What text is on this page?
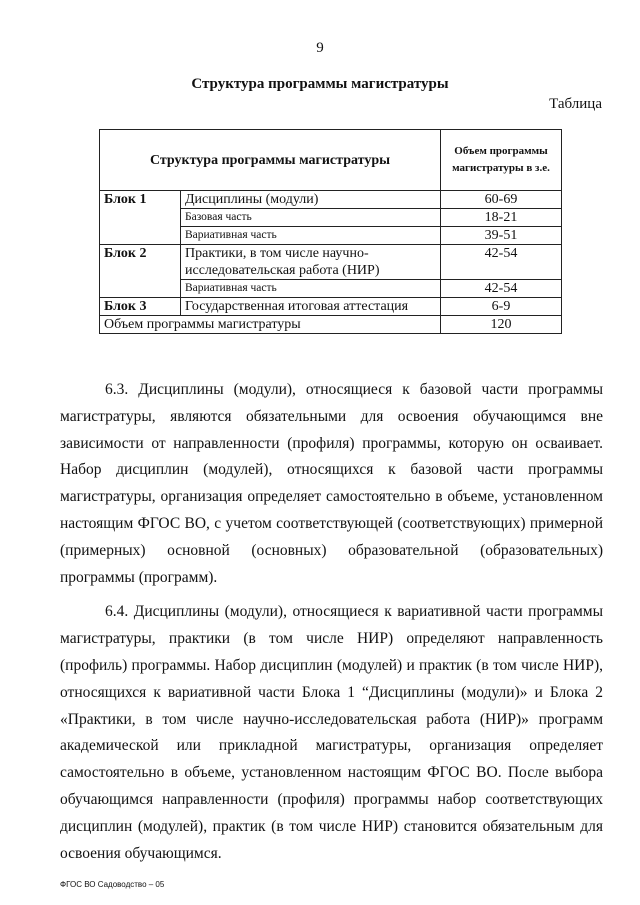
9
Структура программы магистратуры
Таблица
Структура программы магистратуры		Объем программы магистратуры в з.е.
Блок 1	Дисциплины (модули)	60-69
	Базовая часть	18-21
	Вариативная часть	39-51
Блок 2	Практики, в том числе научно-исследовательская работа (НИР)	42-54
	Вариативная часть	42-54
Блок 3	Государственная итоговая аттестация	6-9
Объем программы магистратуры		120

6.3. Дисциплины (модули), относящиеся к базовой части программы магистратуры, являются обязательными для освоения обучающимся вне зависимости от направленности (профиля) программы, которую он осваивает. Набор дисциплин (модулей), относящихся к базовой части программы магистратуры, организация определяет самостоятельно в объеме, установленном настоящим ФГОС ВО, с учетом соответствующей (соответствующих) примерной (примерных) основной (основных) образовательной (образовательных) программы (программ).

6.4. Дисциплины (модули), относящиеся к вариативной части программы магистратуры, практики (в том числе НИР) определяют направленность (профиль) программы. Набор дисциплин (модулей) и практик (в том числе НИР), относящихся к вариативной части Блока 1 “Дисциплины (модули)» и Блока 2 «Практики, в том числе научно-исследовательская работа (НИР)» программ академической или прикладной магистратуры, организация определяет самостоятельно в объеме, установленном настоящим ФГОС ВО. После выбора обучающимся направленности (профиля) программы набор соответствующих дисциплин (модулей), практик (в том числе НИР) становится обязательным для освоения обучающимся.

ФГОС ВО Садоводство – 05
